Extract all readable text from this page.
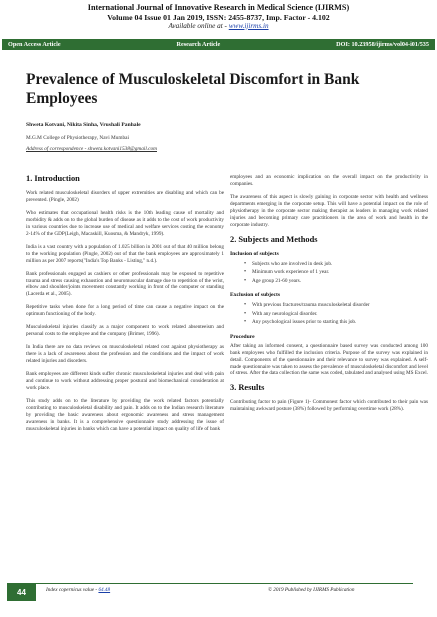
International Journal of Innovative Research in Medical Science (IJIRMS)
Volume 04 Issue 01 Jan 2019, ISSN: 2455-8737, Imp. Factor - 4.102
Available online at - www.ijirms.in
Open Access Article	Research Article	DOI: 10.23958/ijirms/vol04-i01/535
Prevalence of Musculoskeletal Discomfort in Bank Employees
Shweta Kotvani, Nikita Sinha, Vrushali Panhale
M.G.M College of Physiotherapy, Navi Mumbai
Address of correspondence - shweta.kotvani1538@gmail.com
1. Introduction

Work related musculoskeletal disorders of upper extremities are disabling and which can be prevented. (Pingle, 2002)

Who estimates that occupational health risks is the 10th leading cause of mortality and morbidity & adds on to the global burden of disease as it adds to the cost of work productivity in various countries due to increase use of medical and welfare services costing the economy 2-14% of the GDP(Leigh, Macaskill, Kuosma, & Mandryk, 1999).

India is a vast country with a population of 1.025 billion in 2001 out of that 40 million belong to the working population (Pingle, 2002) out of that the bank employees are approximately 1 million as per 2007 reports("India's Top Banks - Listing," n.d.).

Bank professionals engaged as cashiers or other professionals may be exposed to repetitive trauma and stress causing exhaustion and neuromuscular damage due to repetition of the wrist, elbow and shoulder/joints movement constantly working in front of the computer or standing (Lacerda et al., 2005).

Repetitive tasks when done for a long period of time can cause a negative impact on the optimum functioning of the body.

Musculoskeletal injuries classify as a major component to work related absenteeism and personal costs to the employee and the company (Brimer, 1996).

In India there are no data reviews on musculoskeletal related cost against physiotherapy as there is a lack of awareness about the profession and the conditions and the impact of work related injuries and disorders.

Bank employees are different kinds suffer chronic musculoskeletal injuries and deal with pain and continue to work without addressing proper postural and biomechanical consideration at work place.

This study adds on to the literature by providing the work related factors potentially contributing to musculoskeletal disability and pain. It adds on to the Indian research literature by providing the basic awareness about ergonomic awareness and stress management awareness in banks. It is a comprehensive questionnaire study addressing the issue of musculoskeletal injuries in banks which can have a potential impact on quality of life of bank

employees and an economic implication on the overall impact on the productivity in companies.

The awareness of this aspect is slowly gaining in corporate sector with health and wellness departments emerging in the corporate setup. This will have a potential impact on the role of physiotherapy in the corporate sector making therapist as leaders in managing work related injuries and becoming primary care practitioners in the area of work and health in the corporate industry.

2. Subjects and Methods
Inclusion of subjects
• Subjects who are involved in desk job.
• Minimum work experience of 1 year.
• Age group 21-60 years.
Exclusion of subjects
• With previous fractures/trauma musculoskeletal disorder
• With any neurological disorder.
• Any psychological issues prior to starting this job.
Procedure

After taking an informed consent, a questionnaire based survey was conducted among 100 bank employees who fulfilled the inclusion criteria. Purpose of the survey was explained in detail. Components of the questionnaire and their relevance to survey was explained. A self-made questionnaire was taken to assess the prevalence of musculoskeletal discomfort and level of stress. After the data collection the same was coded, tabulated and analysed using MS Excel.

3. Results

Contributing factor to pain (Figure 1)- Commonest factor which contributed to their pain was maintaining awkward posture (38%) followed by performing overtime work (28%).

44	Index copernicus value - 64.48	© 2019 Published by IJIRMS Publication
